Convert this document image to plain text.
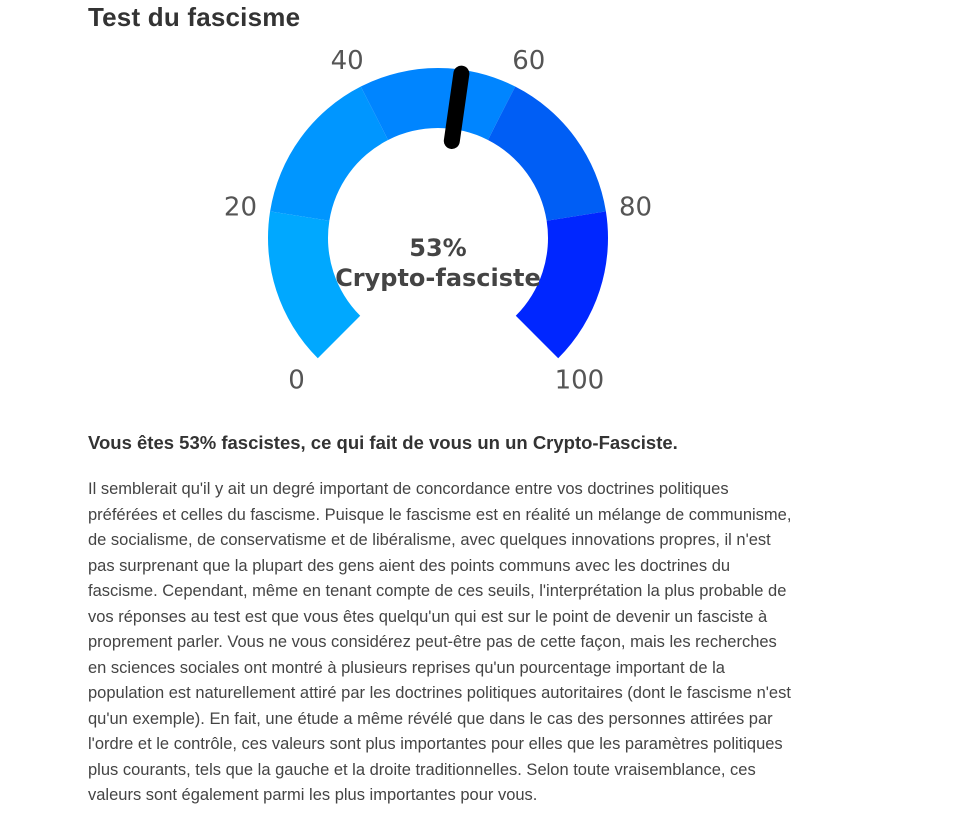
Test du fascisme
0
20
40	60
80
100
53%
Crypto-fasciste
Vous êtes 53% fascistes, ce qui fait de vous un un Crypto-Fasciste.

Il semblerait qu'il y ait un degré important de concordance entre vos doctrines politiques préférées et celles du fascisme. Puisque le fascisme est en réalité un mélange de communisme, de socialisme, de conservatisme et de libéralisme, avec quelques innovations propres, il n'est pas surprenant que la plupart des gens aient des points communs avec les doctrines du fascisme. Cependant, même en tenant compte de ces seuils, l'interprétation la plus probable de vos réponses au test est que vous êtes quelqu'un qui est sur le point de devenir un fasciste à proprement parler. Vous ne vous considérez peut-être pas de cette façon, mais les recherches en sciences sociales ont montré à plusieurs reprises qu'un pourcentage important de la population est naturellement attiré par les doctrines politiques autoritaires (dont le fascisme n'est qu'un exemple). En fait, une étude a même révélé que dans le cas des personnes attirées par l'ordre et le contrôle, ces valeurs sont plus importantes pour elles que les paramètres politiques plus courants, tels que la gauche et la droite traditionnelles. Selon toute vraisemblance, ces valeurs sont également parmi les plus importantes pour vous.
